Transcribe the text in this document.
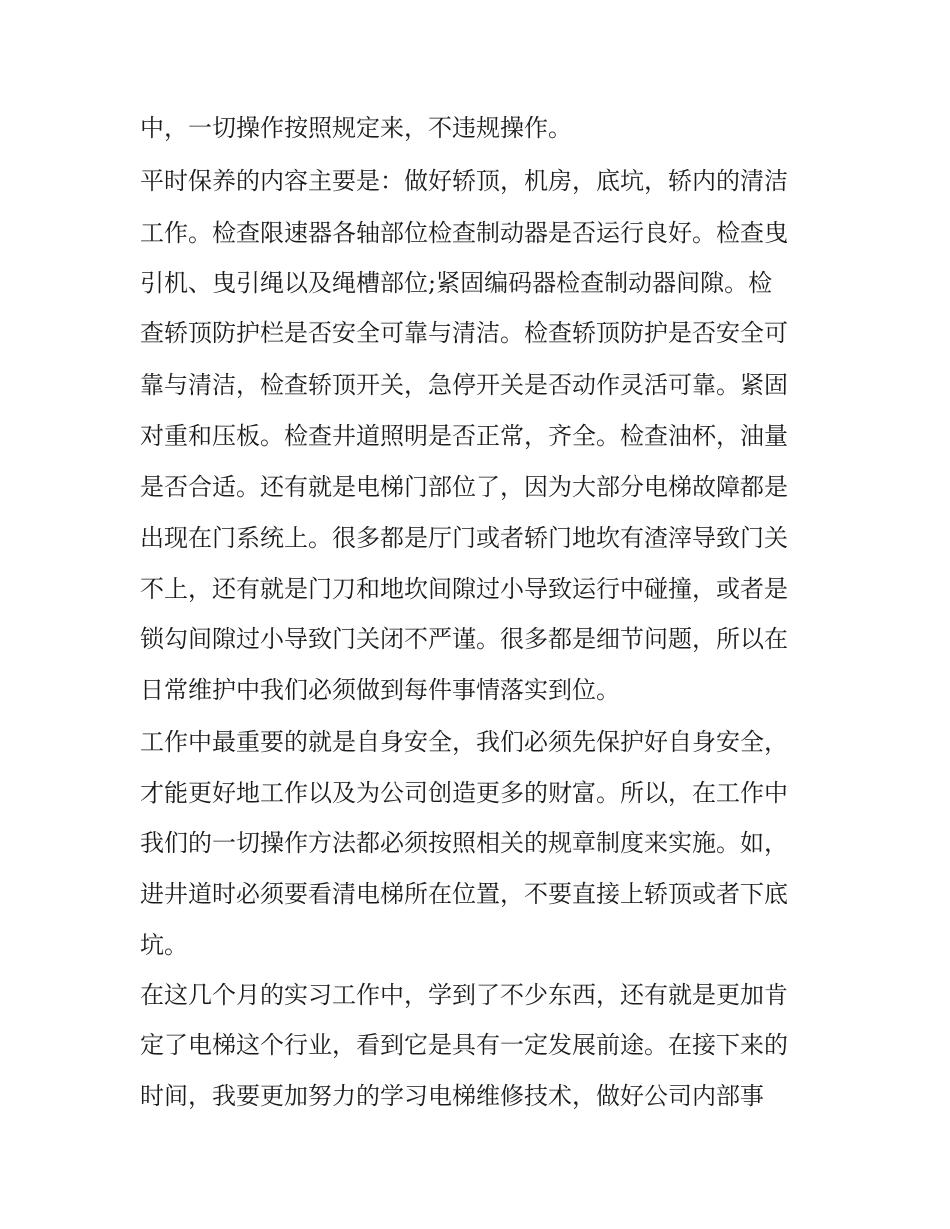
中，一切操作按照规定来，不违规操作。

平时保养的内容主要是：做好轿顶，机房，底坑，轿内的清洁

工作。检查限速器各轴部位检查制动器是否运行良好。检查曳

引机、曳引绳以及绳槽部位;紧固编码器检查制动器间隙。检

查轿顶防护栏是否安全可靠与清洁。检查轿顶防护是否安全可

靠与清洁，检查轿顶开关，急停开关是否动作灵活可靠。紧固

对重和压板。检查井道照明是否正常，齐全。检查油杯，油量

是否合适。还有就是电梯门部位了，因为大部分电梯故障都是

出现在门系统上。很多都是厅门或者轿门地坎有渣滓导致门关

不上，还有就是门刀和地坎间隙过小导致运行中碰撞，或者是

锁勾间隙过小导致门关闭不严谨。很多都是细节问题，所以在

日常维护中我们必须做到每件事情落实到位。

工作中最重要的就是自身安全，我们必须先保护好自身安全，

才能更好地工作以及为公司创造更多的财富。所以，在工作中

我们的一切操作方法都必须按照相关的规章制度来实施。如，

进井道时必须要看清电梯所在位置，不要直接上轿顶或者下底

坑。

在这几个月的实习工作中，学到了不少东西，还有就是更加肯

定了电梯这个行业，看到它是具有一定发展前途。在接下来的

时间，我要更加努力的学习电梯维修技术，做好公司内部事
